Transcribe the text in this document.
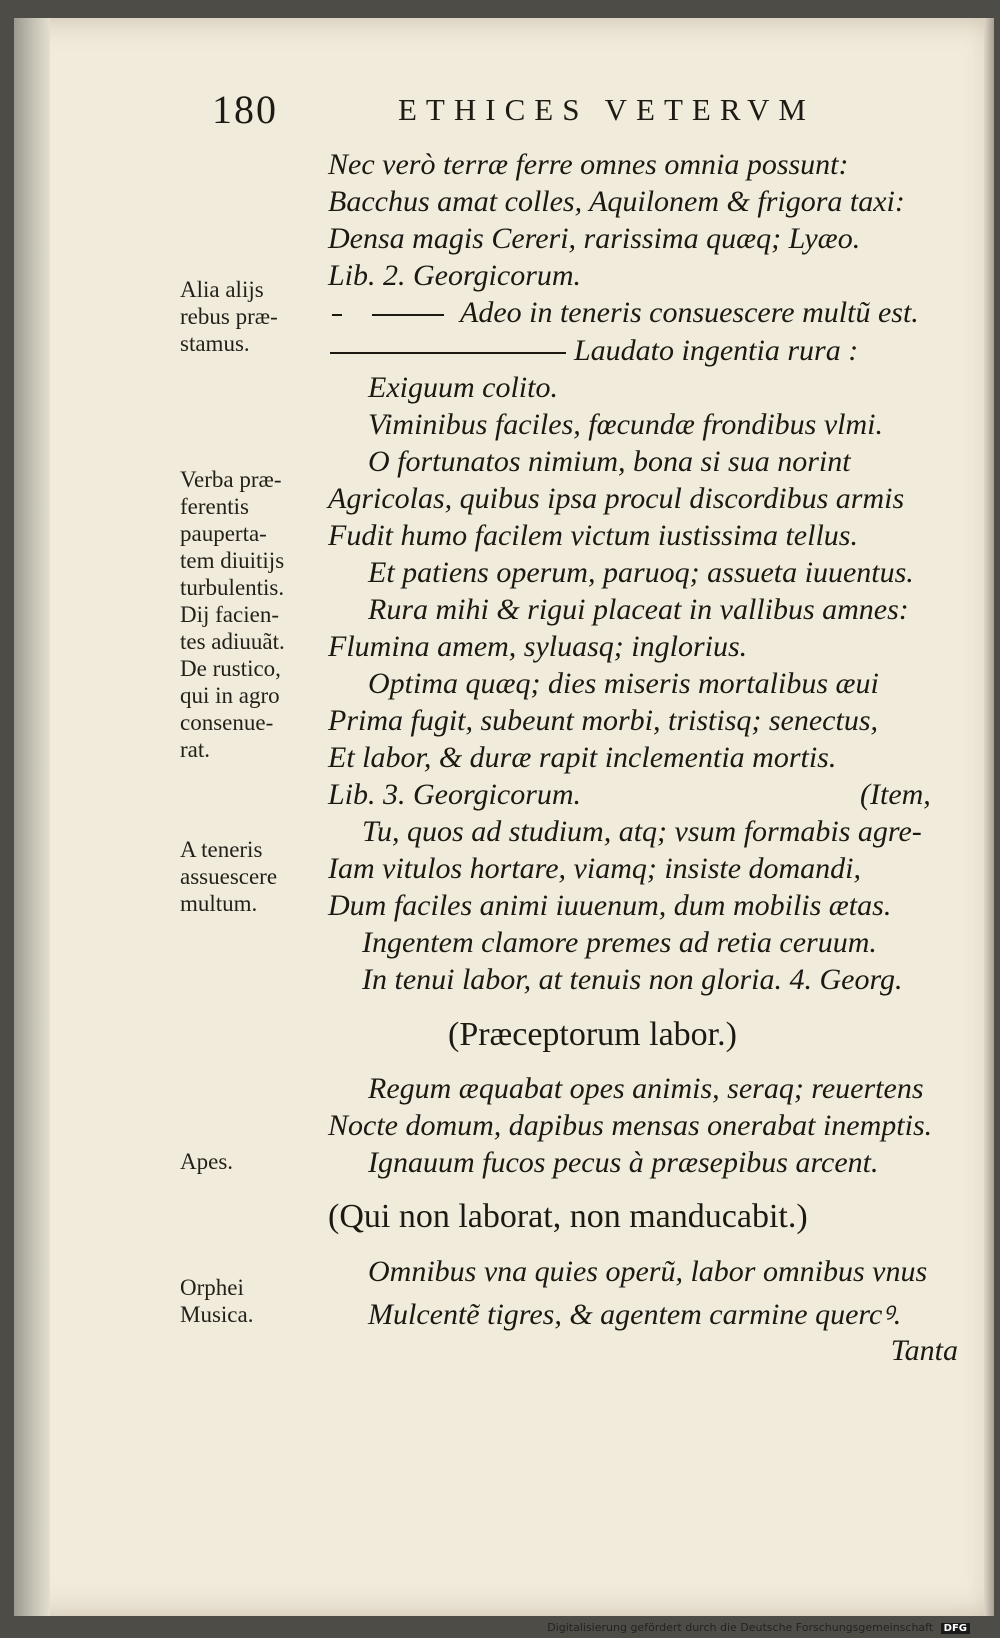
180	ETHICES VETERVM
Nec verò terræ ferre omnes omnia possunt:
Bacchus amat colles, Aquilonem & frigora taxi:
Densa magis Cereri, rarissima quæq; Lyæo.
Lib. 2. Georgicorum.
Adeo in teneris consuescere multũ est.
Laudato ingentia rura :
Exiguum colito.
Viminibus faciles, fœcundæ frondibus vlmi.
O fortunatos nimium, bona si sua norint
Agricolas, quibus ipsa procul discordibus armis
Fudit humo facilem victum iustissima tellus.
Et patiens operum, paruoq; assueta iuuentus.
Rura mihi & rigui placeat in vallibus amnes:
Flumina amem, syluasq; inglorius.
Optima quæq; dies miseris mortalibus æui
Prima fugit, subeunt morbi, tristisq; senectus,
Et labor, & duræ rapit inclementia mortis.
Lib. 3. Georgicorum.	(Item,
Tu, quos ad studium, atq; vsum formabis agre-
Iam vitulos hortare, viamq; insiste domandi,
Dum faciles animi iuuenum, dum mobilis ætas.
Ingentem clamore premes ad retia ceruum.
In tenui labor, at tenuis non gloria. 4. Georg.
(Præceptorum labor.)
Regum æquabat opes animis, seraq; reuertens
Nocte domum, dapibus mensas onerabat inemptis.
Ignauum fucos pecus à præsepibus arcent.
(Qui non laborat, non manducabit.)
Omnibus vna quies operũ, labor omnibus vnus
Mulcentẽ tigres, & agentem carmine quercꝰ.
Tanta
Alia alijs
rebus præ-
stamus.
Verba præ-
ferentis
pauperta-
tem diuitijs
turbulentis.
Dij facien-
tes adiuuãt.
De rustico,
qui in agro
consenue-
rat.
A teneris
assuescere
multum.
Apes.
Orphei
Musica.
Digitalisierung gefördert durch die Deutsche Forschungsgemeinschaft DFG
